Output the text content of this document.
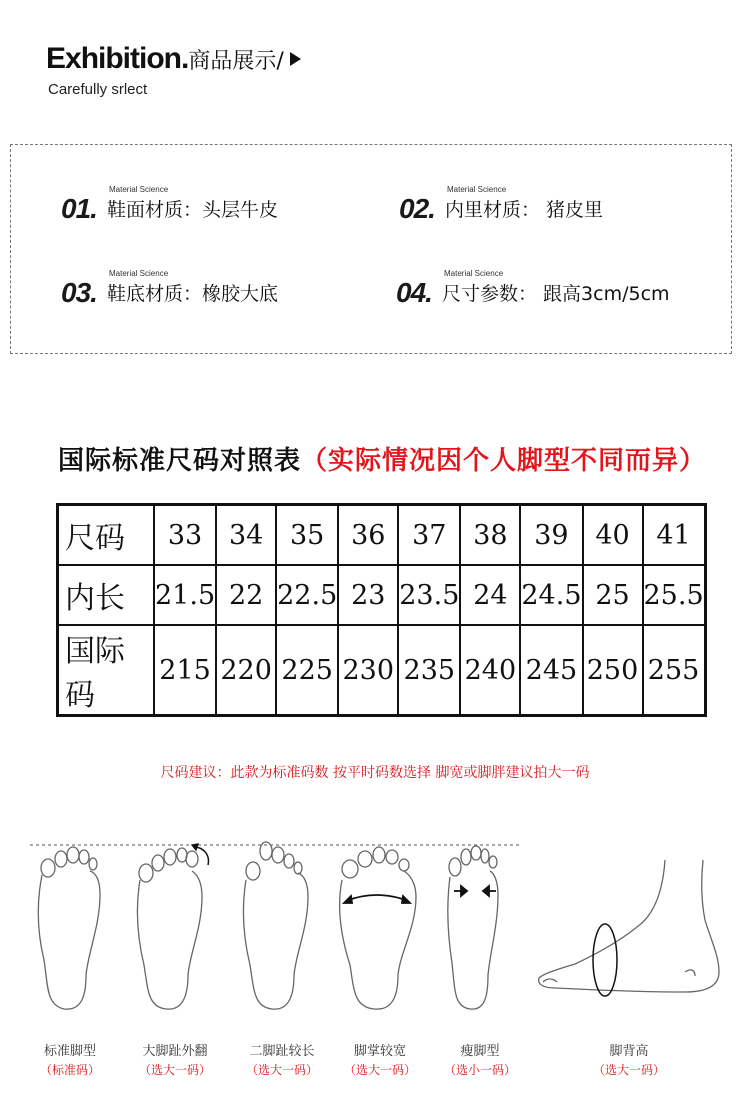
Exhibition.商品展示/
Carefully srlect
01.
Material Science
鞋面材质：头层牛皮	02.
Material Science
内里材质： 猪皮里
03.
Material Science
鞋底材质：橡胶大底	04.
Material Science
尺寸参数： 跟高3cm/5cm
国际标准尺码对照表（实际情况因个人脚型不同而异）
尺码	33	34	35	36	37	38	39	40	41
内长	21.5	22	22.5	23	23.5	24	24.5	25	25.5
国际码	215	220	225	230	235	240	245	250	255
尺码建议：此款为标准码数 按平时码数选择 脚宽或脚胖建议拍大一码
标准脚型
（标准码）
大脚趾外翻
（选大一码）
二脚趾较长
（选大一码）
脚掌较宽
（选大一码）
瘦脚型
（选小一码）
脚背高
（选大一码）
